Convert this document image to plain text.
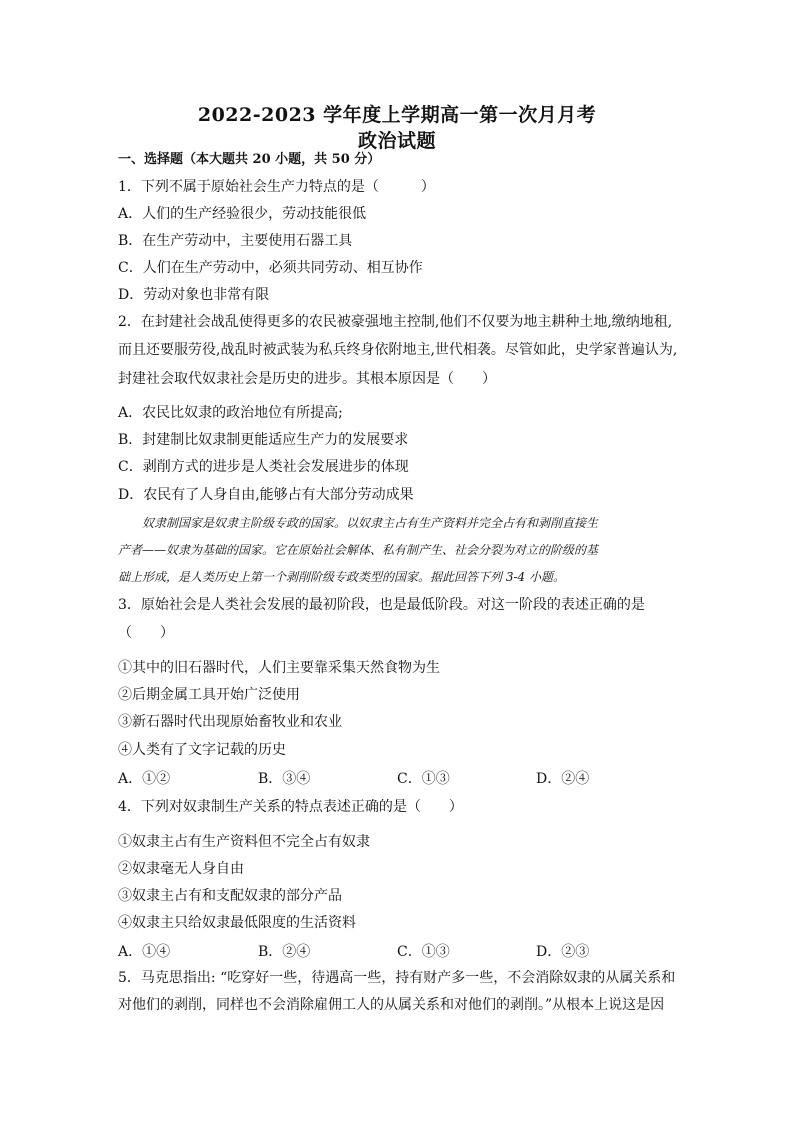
2022-2023 学年度上学期高一第一次月月考
政治试题
一、选择题（本大题共 20 小题，共 50 分）
1．下列不属于原始社会生产力特点的是（　　　）
A．人们的生产经验很少，劳动技能很低
B．在生产劳动中，主要使用石器工具
C．人们在生产劳动中，必须共同劳动、相互协作
D．劳动对象也非常有限
2．在封建社会战乱使得更多的农民被豪强地主控制,他们不仅要为地主耕种土地,缴纳地租,
而且还要服劳役,战乱时被武装为私兵终身依附地主,世代相袭。尽管如此，史学家普遍认为,
封建社会取代奴隶社会是历史的进步。其根本原因是（　　）
A．农民比奴隶的政治地位有所提高;
B．封建制比奴隶制更能适应生产力的发展要求
C．剥削方式的进步是人类社会发展进步的体现
D．农民有了人身自由,能够占有大部分劳动成果
3．原始社会是人类社会发展的最初阶段，也是最低阶段。对这一阶段的表述正确的是
（　　）
①其中的旧石器时代，人们主要靠采集天然食物为生
②后期金属工具开始广泛使用
③新石器时代出现原始畜牧业和农业
④人类有了文字记载的历史
4．下列对奴隶制生产关系的特点表述正确的是（　　）
①奴隶主占有生产资料但不完全占有奴隶
②奴隶毫无人身自由
③奴隶主占有和支配奴隶的部分产品
④奴隶主只给奴隶最低限度的生活资料
5．马克思指出: “吃穿好一些，待遇高一些，持有财产多一些，不会消除奴隶的从属关系和
对他们的剥削，同样也不会消除雇佣工人的从属关系和对他们的剥削。”从根本上说这是因
奴隶制国家是奴隶主阶级专政的国家。以奴隶主占有生产资料并完全占有和剥削直接生
产者——奴隶为基础的国家。它在原始社会解体、私有制产生、社会分裂为对立的阶级的基
础上形成，是人类历史上第一个剥削阶级专政类型的国家。据此回答下列 3-4 小题。
A．①②	B．③④	C．①③	D．②④
A．①④	B．②④	C．①③	D．②③
